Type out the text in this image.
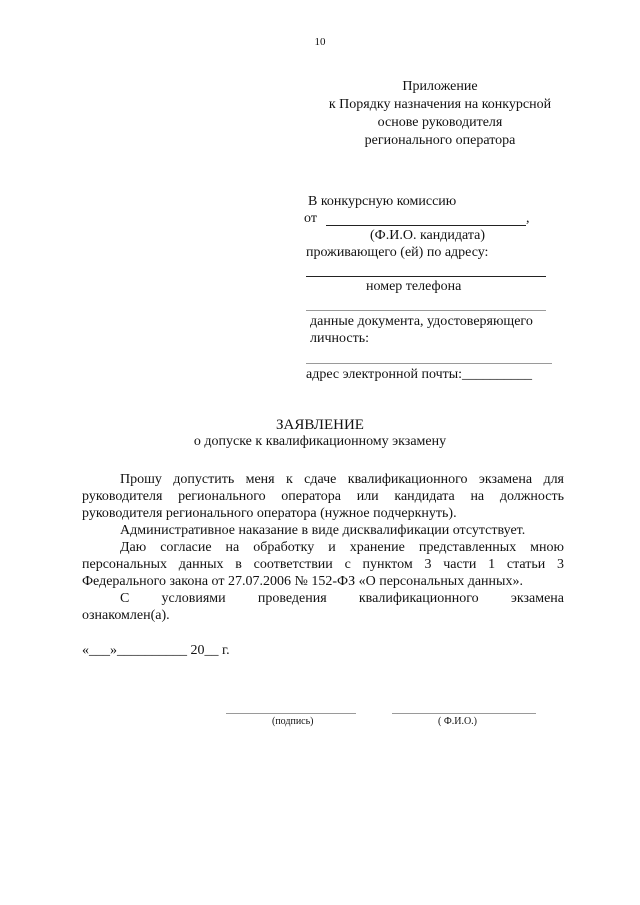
10
Приложение
к Порядку назначения на конкурсной
основе руководителя
регионального оператора
В конкурсную комиссию
от	,
(Ф.И.О. кандидата)
проживающего (ей) по адресу:
номер телефона
данные документа, удостоверяющего
личность:
адрес электронной почты:__________
ЗАЯВЛЕНИЕ
о допуске к квалификационному экзамену
Прошу допустить меня к сдаче квалификационного экзамена для
руководителя регионального оператора или кандидата на должность
руководителя регионального оператора (нужное подчеркнуть).
Административное наказание в виде дисквалификации отсутствует.
Даю согласие на обработку и хранение представленных мною
персональных данных в соответствии с пунктом 3 части 1 статьи 3
Федерального закона от 27.07.2006 № 152-ФЗ «О персональных данных».
С условиями проведения квалификационного экзамена
ознакомлен(а).
«___»__________ 20__ г.
(подпись)	( Ф.И.О.)
